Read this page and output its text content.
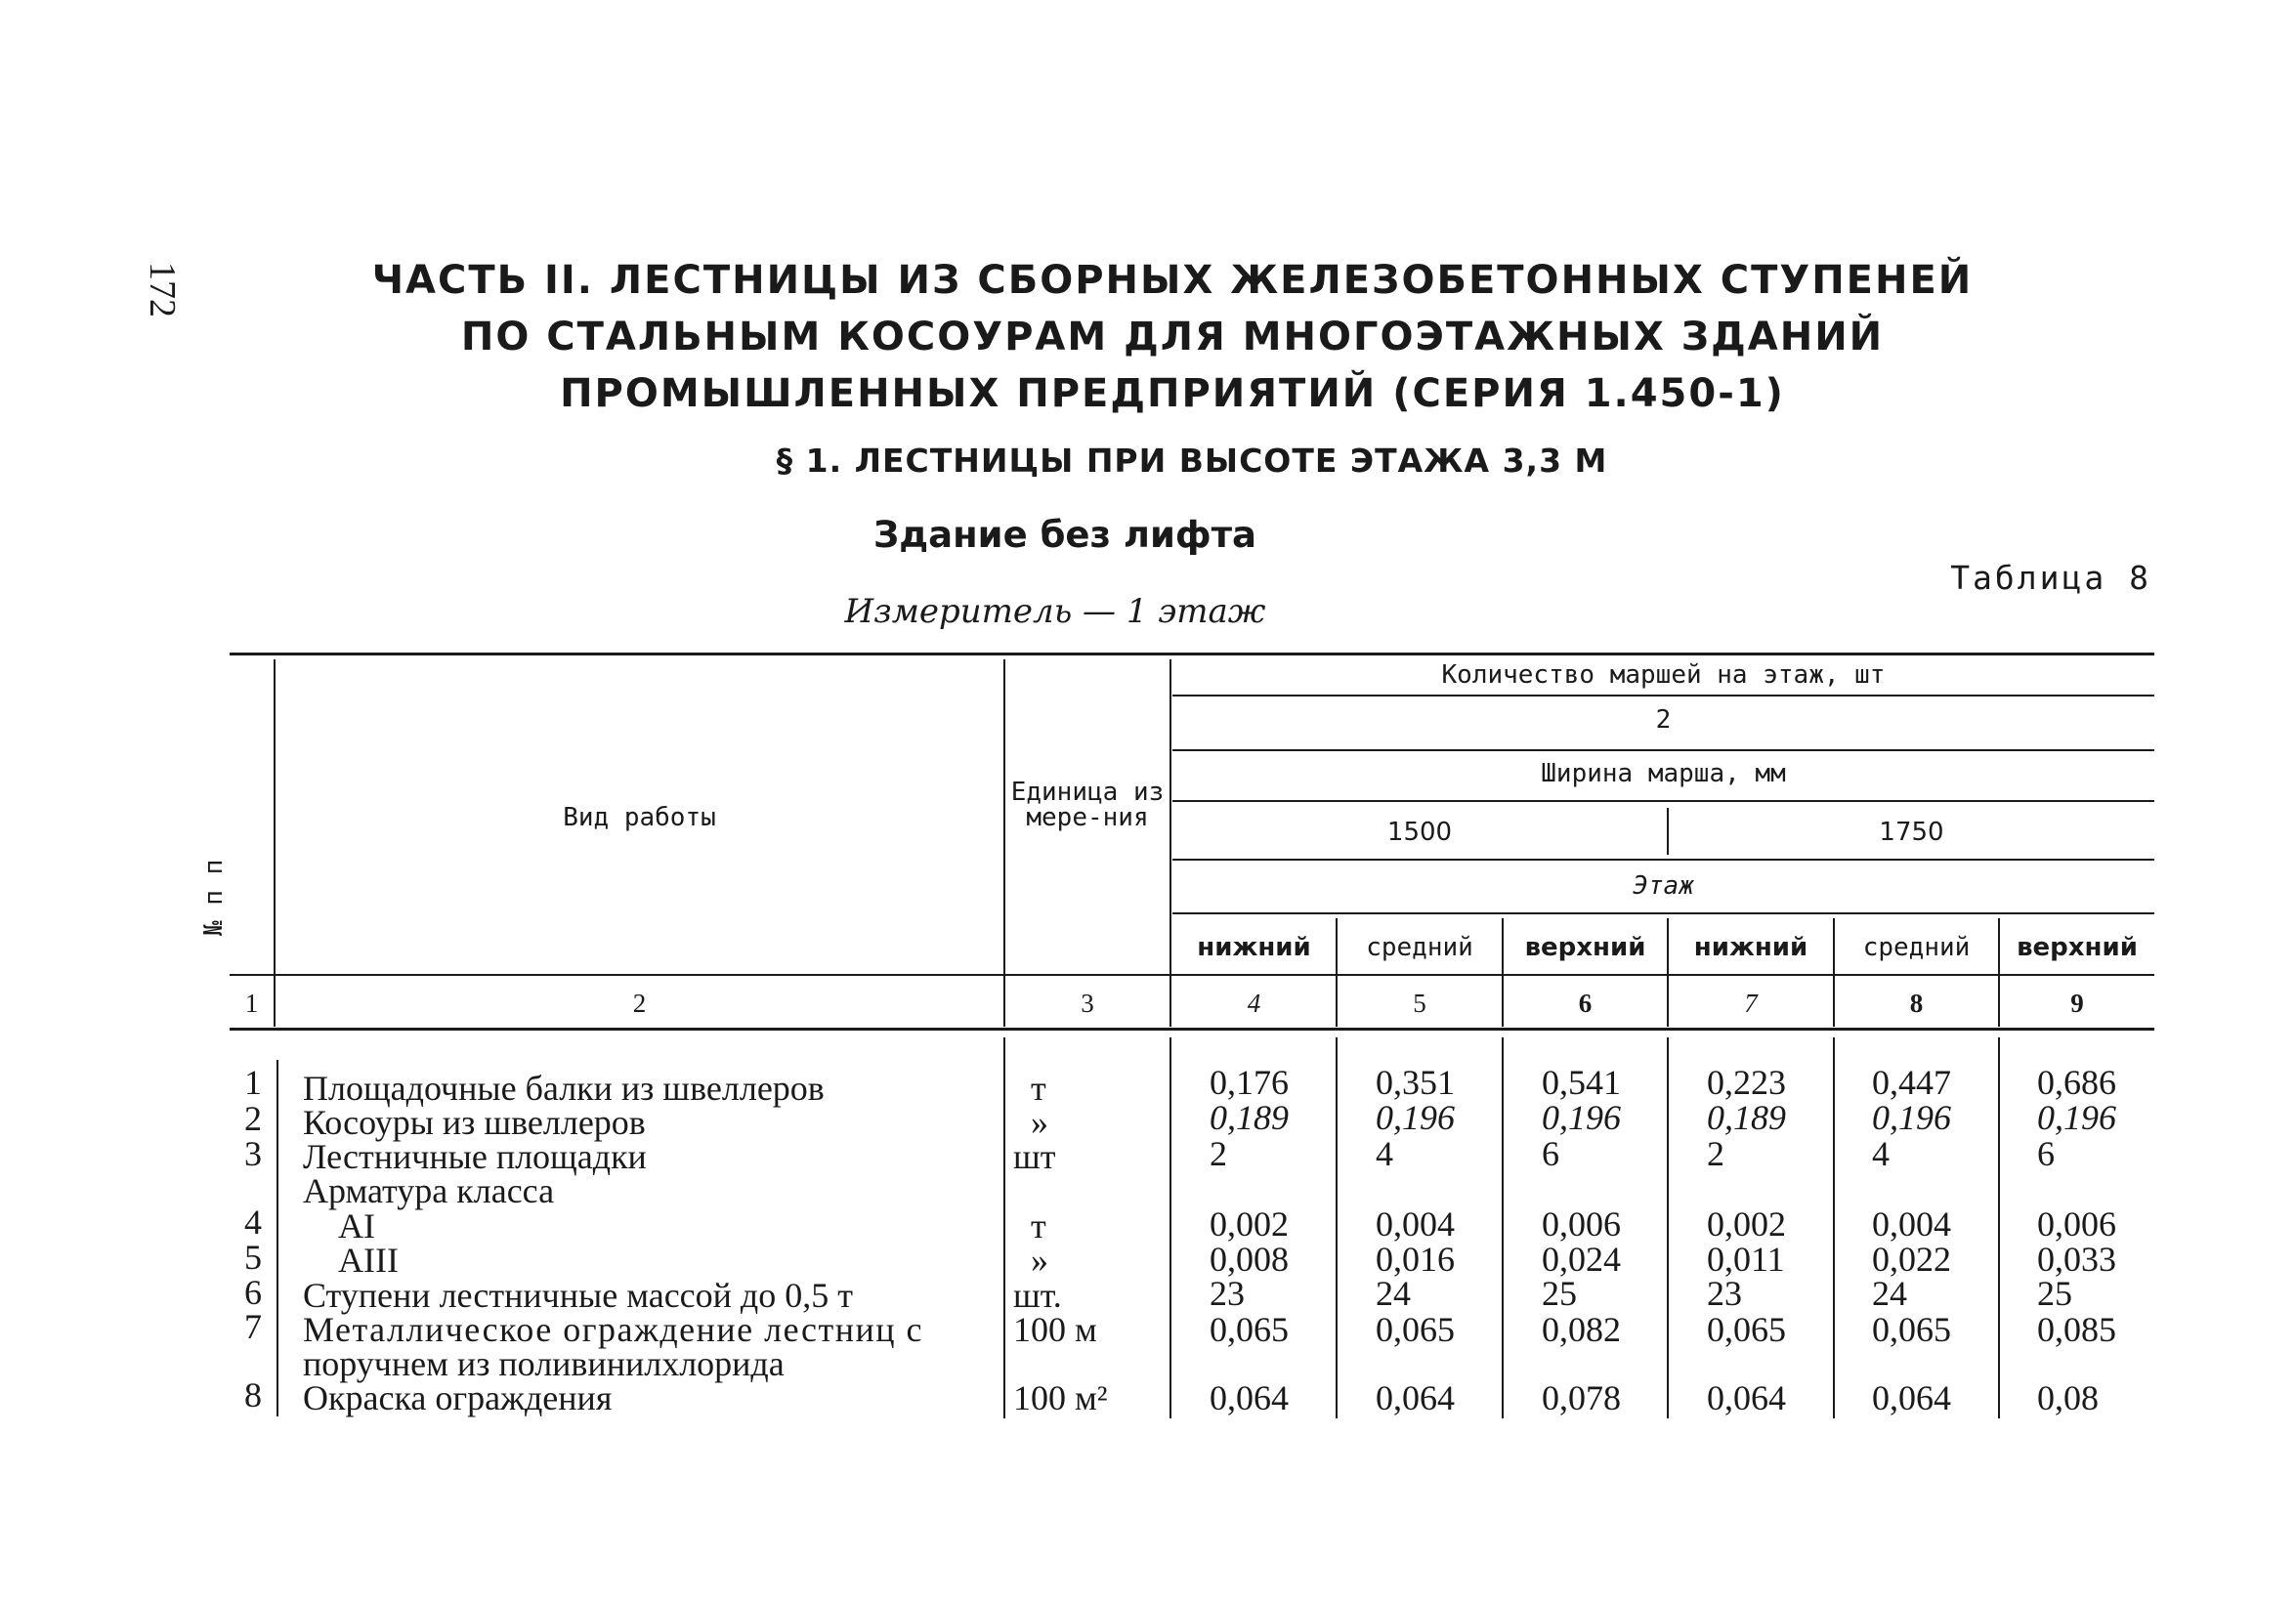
172	ЧАСТЬ II. ЛЕСТНИЦЫ ИЗ СБОРНЫХ ЖЕЛЕЗОБЕТОННЫХ СТУПЕНЕЙ
ПО СТАЛЬНЫМ КОСОУРАМ ДЛЯ МНОГОЭТАЖНЫХ ЗДАНИЙ
ПРОМЫШЛЕННЫХ ПРЕДПРИЯТИЙ (СЕРИЯ 1.450-1)
§ 1. ЛЕСТНИЦЫ ПРИ ВЫСОТЕ ЭТАЖА 3,3 М
Здание без лифта
Таблица 8
Измеритель — 1 этаж
№ п п
Вид работы
Единица измере-ния
Количество маршей на этаж, шт
2
Ширина марша, мм
1500	1750
Этаж
нижний	средний	верхний	нижний	средний	верхний
1	2	3	4	5	6	7	8	9
1 Площадочные балки из швеллеров	т	0,176 0,351 0,541 0,223 0,447 0,686
2 Косоуры из швеллеров	»	0,189 0,196 0,196 0,189 0,196 0,196
3 Лестничные площадки	шт	2	4	6	2	4	6
Арматура класса
4 AI	т	0,002 0,004 0,006 0,002 0,004 0,006
5 AIII	»	0,008 0,016 0,024 0,011 0,022 0,033
6 Ступени лестничные массой до 0,5 т	шт.	23	24	25	23	24	25
7 Металлическое ограждение лестниц с	100 м	0,065 0,065 0,082 0,065 0,065 0,085
поручнем из поливинилхлорида
8 Окраска ограждения	100 м²	0,064 0,064 0,078 0,064 0,064 0,08
